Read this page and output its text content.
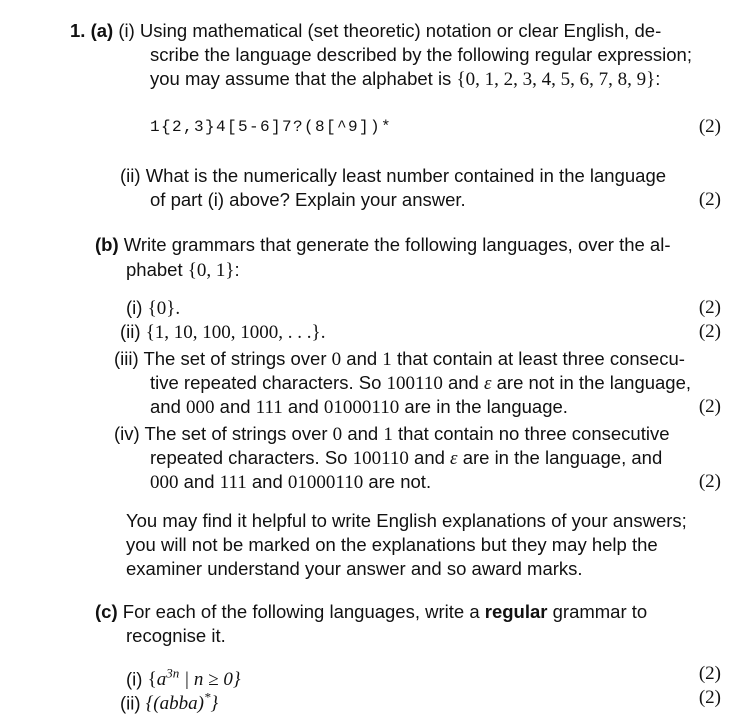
1. (a) (i) Using mathematical (set theoretic) notation or clear English, de-
scribe the language described by the following regular expression;
you may assume that the alphabet is {0, 1, 2, 3, 4, 5, 6, 7, 8, 9}:
1{2,3}4[5-6]7?(8[^9])*	(2)
(ii) What is the numerically least number contained in the language
of part (i) above? Explain your answer.	(2)
(b) Write grammars that generate the following languages, over the al-
phabet {0, 1}:
(i) {0}.	(2)
(ii) {1, 10, 100, 1000, . . .}.	(2)
(iii) The set of strings over 0 and 1 that contain at least three consecu-
tive repeated characters. So 100110 and ε are not in the language,
and 000 and 111 and 01000110 are in the language.	(2)
(iv) The set of strings over 0 and 1 that contain no three consecutive
repeated characters. So 100110 and ε are in the language, and
000 and 111 and 01000110 are not.	(2)
You may find it helpful to write English explanations of your answers;
you will not be marked on the explanations but they may help the
examiner understand your answer and so award marks.
(c) For each of the following languages, write a regular grammar to
recognise it.
(i) {$a^{3n}$ | n ≥ 0}	(2)
(ii) {(abba)*}	(2)
